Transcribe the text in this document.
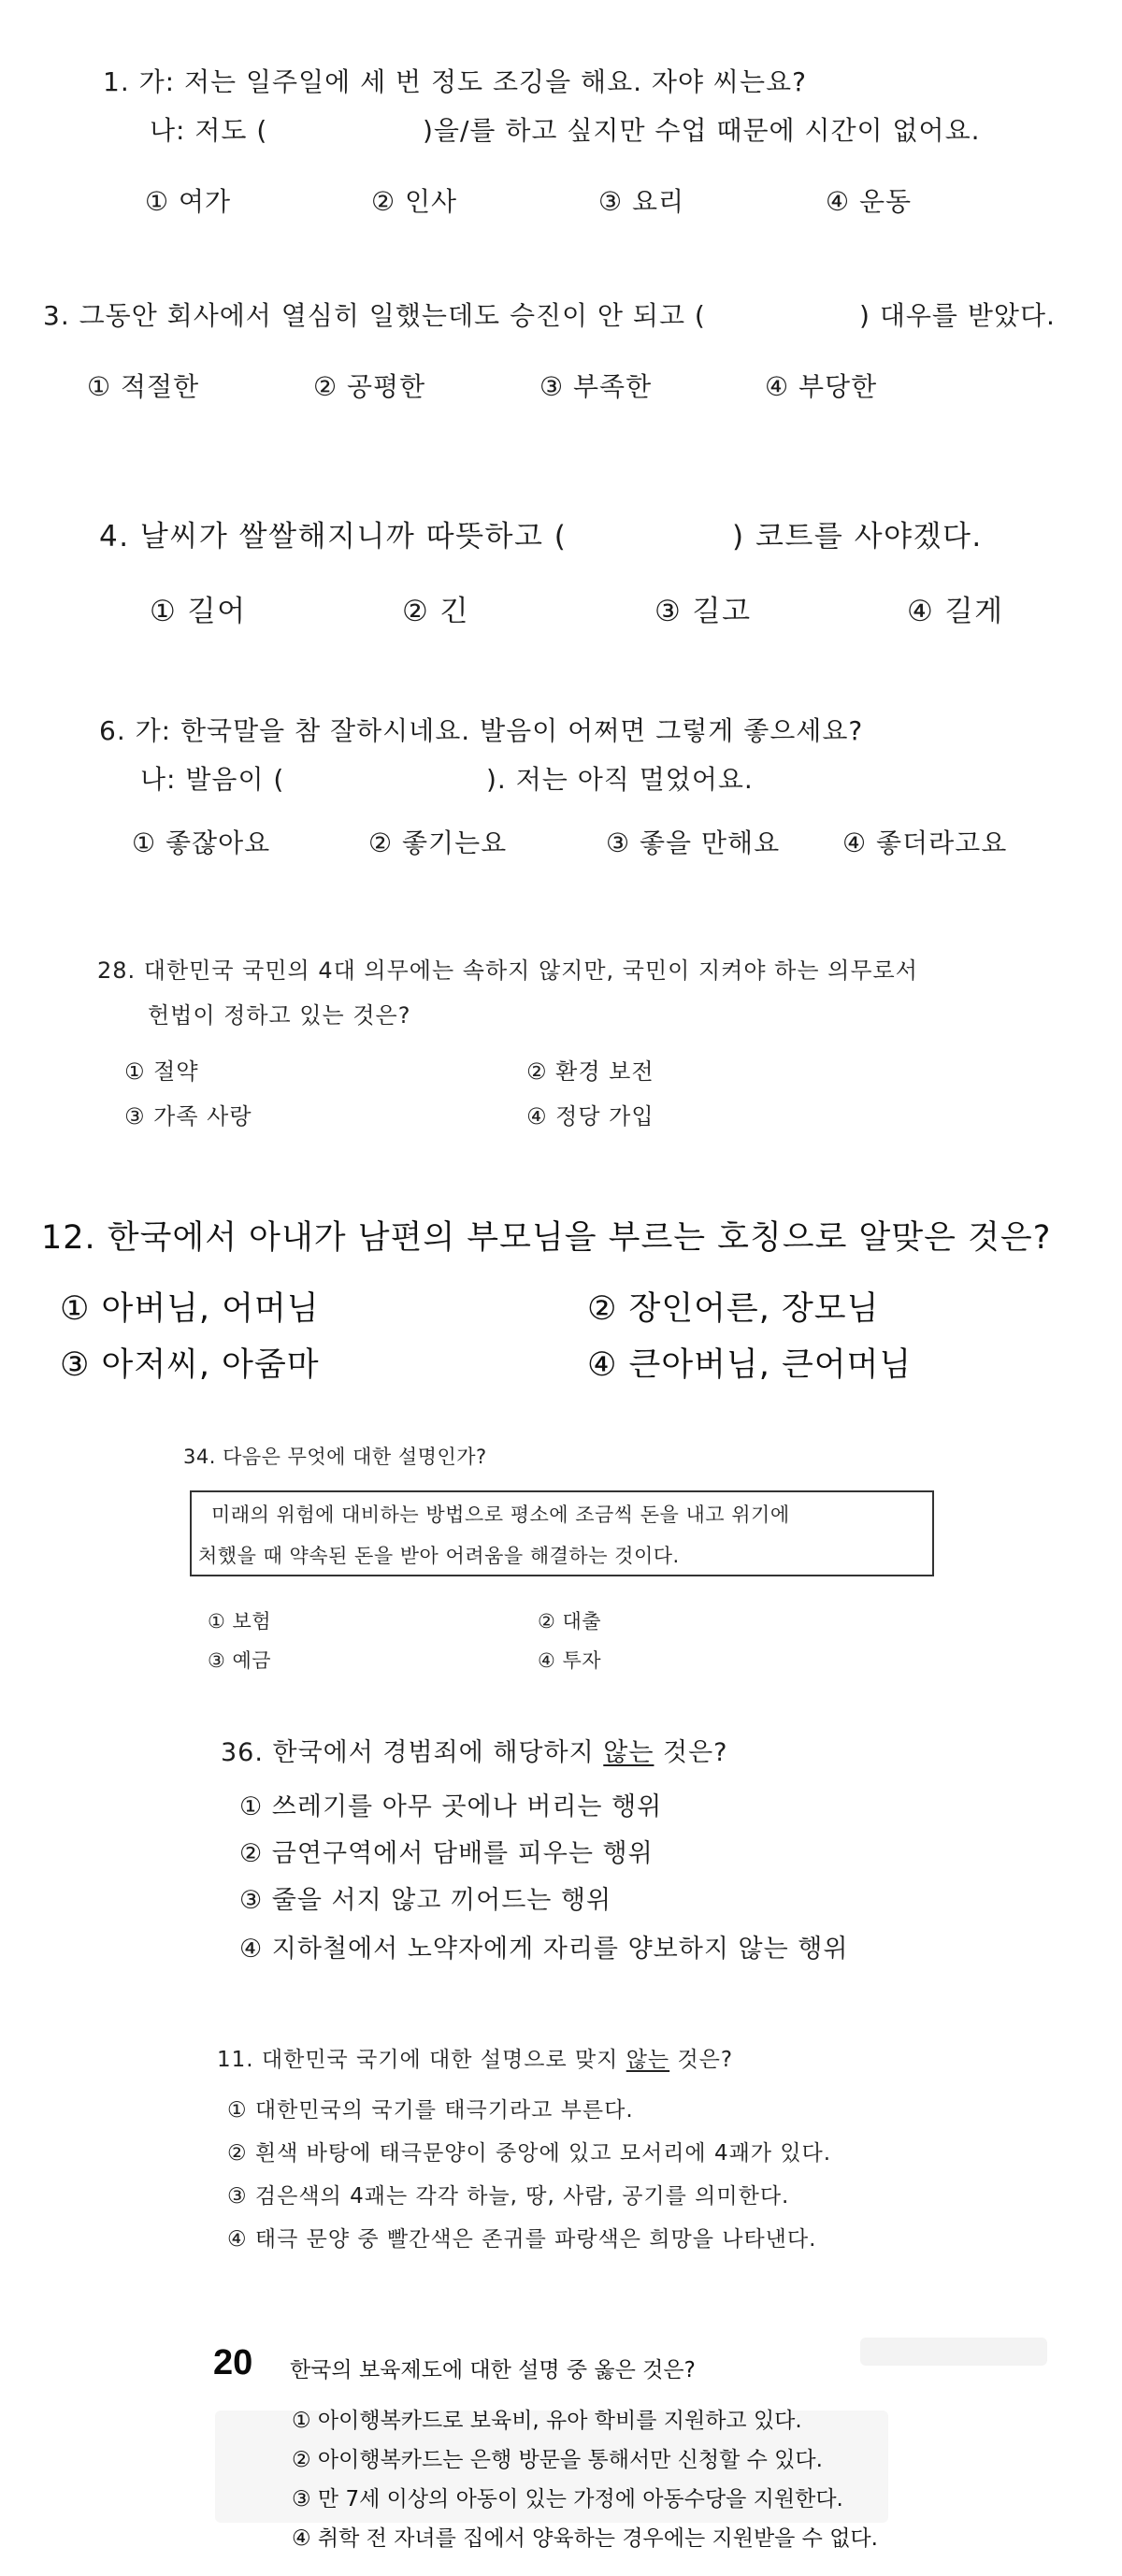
1. 가: 저는 일주일에 세 번 정도 조깅을 해요. 자야 씨는요?
나: 저도 (	)을/를 하고 싶지만 수업 때문에 시간이 없어요.
① 여가	② 인사	③ 요리	④ 운동
3. 그동안 회사에서 열심히 일했는데도 승진이 안 되고 (	) 대우를 받았다.
① 적절한	② 공평한	③ 부족한	④ 부당한
4. 날씨가 쌀쌀해지니까 따뜻하고 (	) 코트를 사야겠다.
① 길어	② 긴	③ 길고	④ 길게
6. 가: 한국말을 참 잘하시네요. 발음이 어쩌면 그렇게 좋으세요?
나: 발음이 (	). 저는 아직 멀었어요.
① 좋잖아요	② 좋기는요	③ 좋을 만해요 ④ 좋더라고요
28. 대한민국 국민의 4대 의무에는 속하지 않지만, 국민이 지켜야 하는 의무로서
헌법이 정하고 있는 것은?
① 절약	② 환경 보전
③ 가족 사랑	④ 정당 가입
12. 한국에서 아내가 남편의 부모님을 부르는 호칭으로 알맞은 것은?
① 아버님, 어머님	② 장인어른, 장모님
③ 아저씨, 아줌마	④ 큰아버님, 큰어머님
34. 다음은 무엇에 대한 설명인가?
미래의 위험에 대비하는 방법으로 평소에 조금씩 돈을 내고 위기에
처했을 때 약속된 돈을 받아 어려움을 해결하는 것이다.
① 보험	② 대출
③ 예금	④ 투자
36. 한국에서 경범죄에 해당하지 않는 것은?
① 쓰레기를 아무 곳에나 버리는 행위
② 금연구역에서 담배를 피우는 행위
③ 줄을 서지 않고 끼어드는 행위
④ 지하철에서 노약자에게 자리를 양보하지 않는 행위
11. 대한민국 국기에 대한 설명으로 맞지 않는 것은?
① 대한민국의 국기를 태극기라고 부른다.
② 흰색 바탕에 태극문양이 중앙에 있고 모서리에 4괘가 있다.
③ 검은색의 4괘는 각각 하늘, 땅, 사람, 공기를 의미한다.
④ 태극 문양 중 빨간색은 존귀를 파랑색은 희망을 나타낸다.
20 한국의 보육제도에 대한 설명 중 옳은 것은?
① 아이행복카드로 보육비, 유아 학비를 지원하고 있다.
② 아이행복카드는 은행 방문을 통해서만 신청할 수 있다.
③ 만 7세 이상의 아동이 있는 가정에 아동수당을 지원한다.
④ 취학 전 자녀를 집에서 양육하는 경우에는 지원받을 수 없다.
